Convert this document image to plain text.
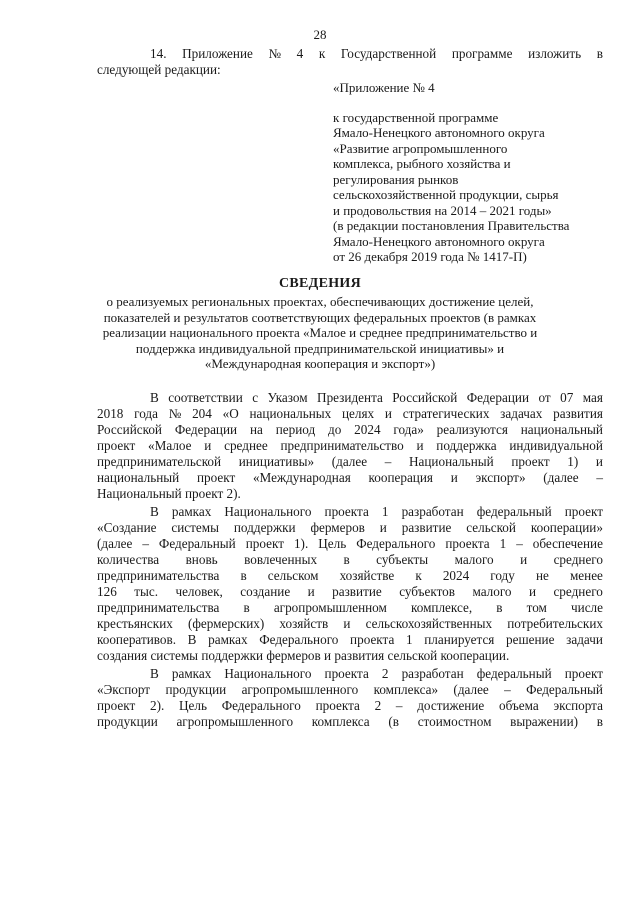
28
14. Приложение № 4 к Государственной программе изложить в
следующей редакции:
«Приложение № 4
к государственной программе
Ямало-Ненецкого автономного округа
«Развитие агропромышленного
комплекса, рыбного хозяйства и
регулирования рынков
сельскохозяйственной продукции, сырья
и продовольствия на 2014 – 2021 годы»
(в редакции постановления Правительства
Ямало-Ненецкого автономного округа
от 26 декабря 2019 года № 1417-П)
СВЕДЕНИЯ
о реализуемых региональных проектах, обеспечивающих достижение целей,
показателей и результатов соответствующих федеральных проектов (в рамках
реализации национального проекта «Малое и среднее предпринимательство и
поддержка индивидуальной предпринимательской инициативы» и
«Международная кооперация и экспорт»)
В соответствии с Указом Президента Российской Федерации от 07 мая
2018 года № 204 «О национальных целях и стратегических задачах развития
Российской Федерации на период до 2024 года» реализуются национальный
проект «Малое и среднее предпринимательство и поддержка индивидуальной
предпринимательской инициативы» (далее – Национальный проект 1) и
национальный проект «Международная кооперация и экспорт» (далее –
Национальный проект 2).
В рамках Национального проекта 1 разработан федеральный проект
«Создание системы поддержки фермеров и развитие сельской кооперации»
(далее – Федеральный проект 1). Цель Федерального проекта 1 – обеспечение
количества вновь вовлеченных в субъекты малого и среднего
предпринимательства в сельском хозяйстве к 2024 году не менее
126 тыс. человек, создание и развитие субъектов малого и среднего
предпринимательства в агропромышленном комплексе, в том числе
крестьянских (фермерских) хозяйств и сельскохозяйственных потребительских
кооперативов. В рамках Федерального проекта 1 планируется решение задачи
создания системы поддержки фермеров и развития сельской кооперации.
В рамках Национального проекта 2 разработан федеральный проект
«Экспорт продукции агропромышленного комплекса» (далее – Федеральный
проект 2). Цель Федерального проекта 2 – достижение объема экспорта
продукции агропромышленного комплекса (в стоимостном выражении) в
